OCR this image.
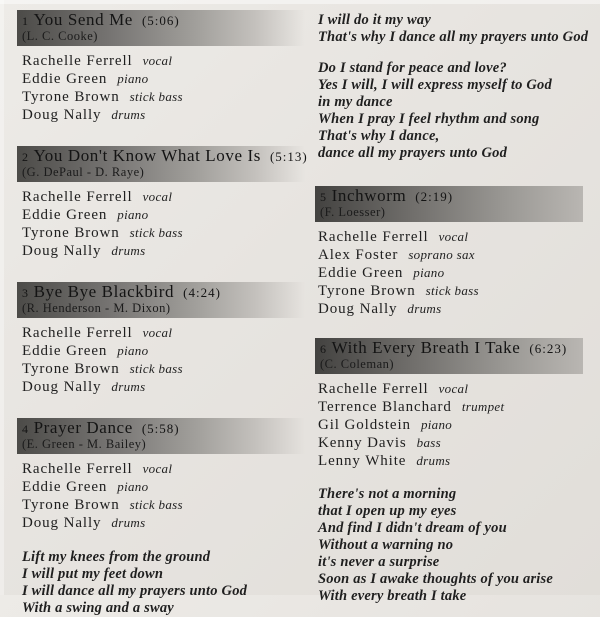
1 You Send Me (5:06)
(L. C. Cooke)
Rachelle Ferrell vocal
Eddie Green piano
Tyrone Brown stick bass
Doug Nally drums
2 You Don't Know What Love Is (5:13)
(G. DePaul - D. Raye)
Rachelle Ferrell vocal
Eddie Green piano
Tyrone Brown stick bass
Doug Nally drums
3 Bye Bye Blackbird (4:24)
(R. Henderson - M. Dixon)
Rachelle Ferrell vocal
Eddie Green piano
Tyrone Brown stick bass
Doug Nally drums
4 Prayer Dance (5:58)
(E. Green - M. Bailey)
Rachelle Ferrell vocal
Eddie Green piano
Tyrone Brown stick bass
Doug Nally drums
Lift my knees from the ground
I will put my feet down
I will dance all my prayers unto God
With a swing and a sway
I will do it my way
That's why I dance all my prayers unto God
Do I stand for peace and love?
Yes I will, I will express myself to God
in my dance
When I pray I feel rhythm and song
That's why I dance,
dance all my prayers unto God
5 Inchworm (2:19)
(F. Loesser)
Rachelle Ferrell vocal
Alex Foster soprano sax
Eddie Green piano
Tyrone Brown stick bass
Doug Nally drums
6 With Every Breath I Take (6:23)
(C. Coleman)
Rachelle Ferrell vocal
Terrence Blanchard trumpet
Gil Goldstein piano
Kenny Davis bass
Lenny White drums
There's not a morning
that I open up my eyes
And find I didn't dream of you
Without a warning no
it's never a surprise
Soon as I awake thoughts of you arise
With every breath I take
